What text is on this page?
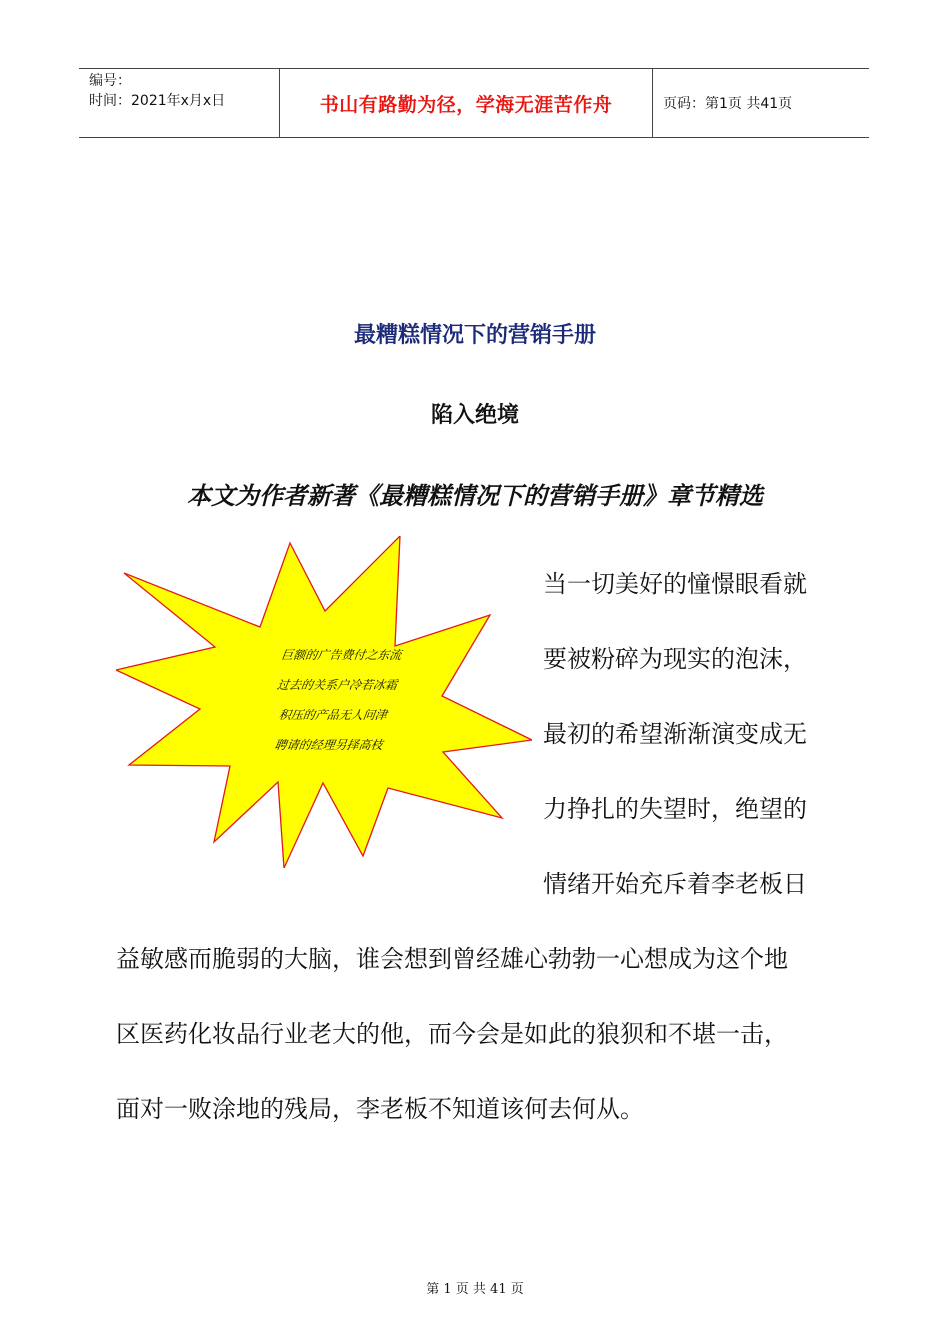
编号：
时间：2021年x月x日	书山有路勤为径，学海无涯苦作舟	页码：第1页 共41页
最糟糕情况下的营销手册
陷入绝境
本文为作者新著《最糟糕情况下的营销手册》章节精选
巨额的广告费付之东流
过去的关系户冷若冰霜
积压的产品无人问津
聘请的经理另择高枝
当一切美好的憧憬眼看就
要被粉碎为现实的泡沫，
最初的希望渐渐演变成无
力挣扎的失望时，绝望的
情绪开始充斥着李老板日
益敏感而脆弱的大脑，谁会想到曾经雄心勃勃一心想成为这个地
区医药化妆品行业老大的他，而今会是如此的狼狈和不堪一击，
面对一败涂地的残局，李老板不知道该何去何从。
第 1 页 共 41 页
